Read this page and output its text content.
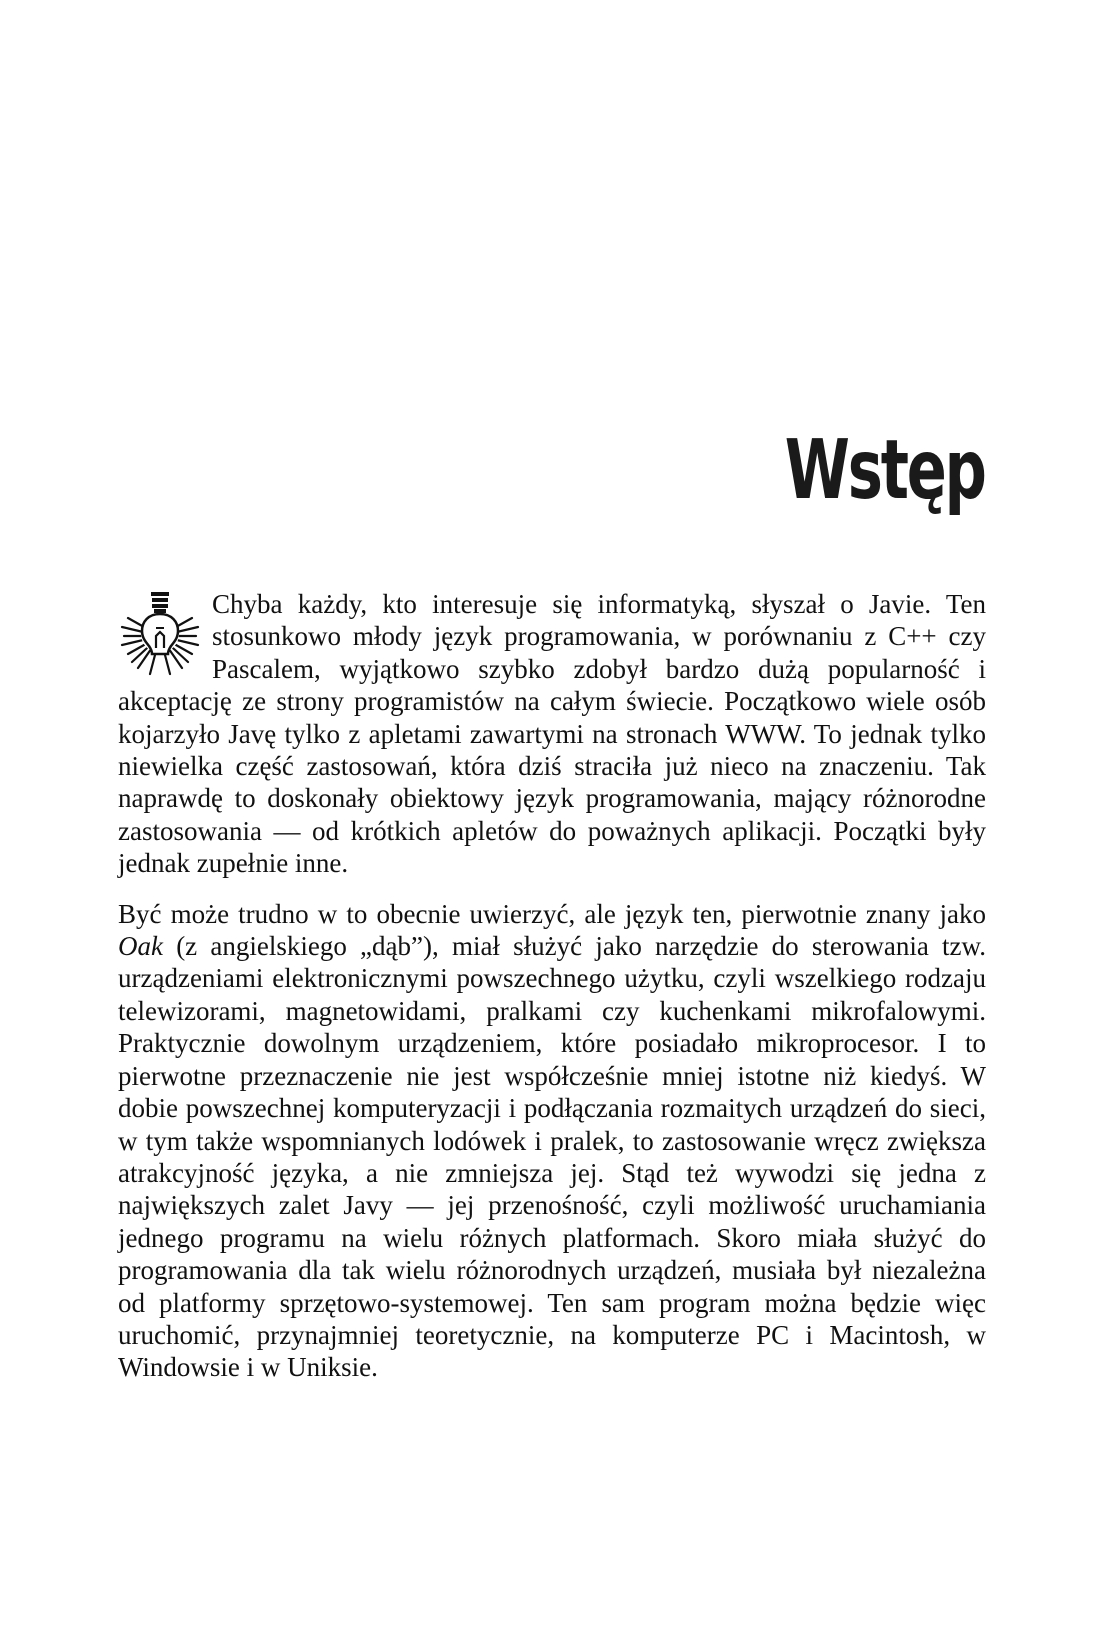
Wstęp

Chyba każdy, kto interesuje się informatyką, słyszał o Javie. Ten stosunkowo młody język programowania, w porównaniu z C++ czy Pascalem, wyjątkowo szybko zdobył bardzo dużą popularność i akceptację ze strony programistów na całym świecie. Początkowo wiele osób kojarzyło Javę tylko z apletami zawartymi na stronach WWW. To jednak tylko niewielka część zastosowań, która dziś straciła już nieco na znaczeniu. Tak naprawdę to doskonały obiektowy język programowania, mający różnorodne zastosowania — od krótkich apletów do poważnych aplikacji. Początki były jednak zupełnie inne.

Być może trudno w to obecnie uwierzyć, ale język ten, pierwotnie znany jako Oak (z angielskiego „dąb”), miał służyć jako narzędzie do sterowania tzw. urządzeniami elektronicznymi powszechnego użytku, czyli wszelkiego rodzaju telewizorami, magnetowidami, pralkami czy kuchenkami mikrofalowymi. Praktycznie dowolnym urządzeniem, które posiadało mikroprocesor. I to pierwotne przeznaczenie nie jest współcześnie mniej istotne niż kiedyś. W dobie powszechnej komputeryzacji i podłączania rozmaitych urządzeń do sieci, w tym także wspomnianych lodówek i pralek, to zastosowanie wręcz zwiększa atrakcyjność języka, a nie zmniejsza jej. Stąd też wywodzi się jedna z największych zalet Javy — jej przenośność, czyli możliwość uruchamiania jednego programu na wielu różnych platformach. Skoro miała służyć do programowania dla tak wielu różnorodnych urządzeń, musiała był niezależna od platformy sprzętowo-systemowej. Ten sam program można będzie więc uruchomić, przynajmniej teoretycznie, na komputerze PC i Macintosh, w Windowsie i w Uniksie.
